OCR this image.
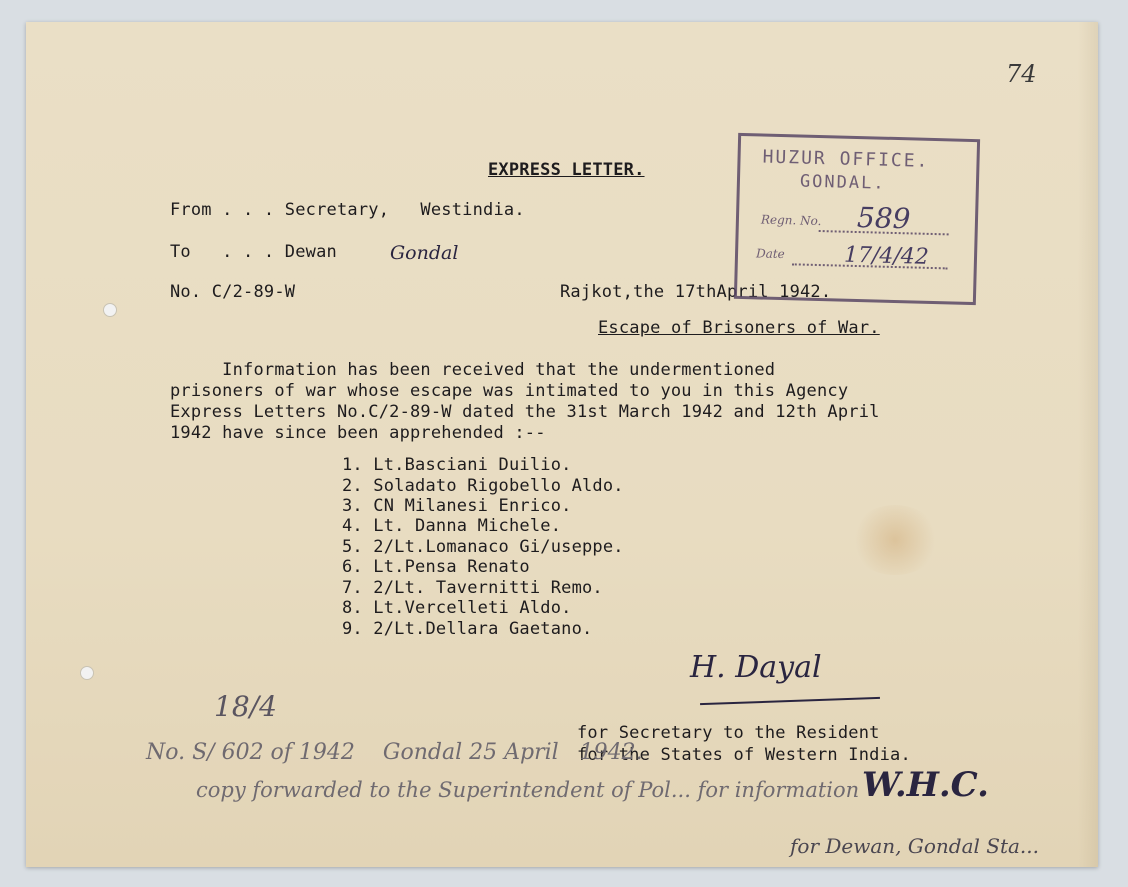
74
EXPRESS LETTER.
From . . . Secretary,   Westindia.
To   . . . Dewan	Gondal
No. C/2-89-W	Rajkot,the 17thApril 1942.
Escape of Brisoners of War.
Information has been received that the undermentioned
prisoners of war whose escape was intimated to you in this Agency
Express Letters No.C/2-89-W dated the 31st March 1942 and 12th April
1942 have since been apprehended :--
1. Lt.Basciani Duilio.
2. Soladato Rigobello Aldo.
3. CN Milanesi Enrico.
4. Lt. Danna Michele.
5. 2/Lt.Lomanaco Gi/useppe.
6. Lt.Pensa Renato
7. 2/Lt. Tavernitti Remo.
8. Lt.Vercelleti Aldo.
9. 2/Lt.Dellara Gaetano.
H. Dayal
for Secretary to the Resident
for the States of Western India.
HUZUR OFFICE.
GONDAL.
Regn. No. 589
Date	17/4/42
18/4
No. S/ 602 of 1942    Gondal 25 April   1942.
copy forwarded to the Superintendent of Pol... for information W.H.C.
for Dewan, Gondal Sta...
